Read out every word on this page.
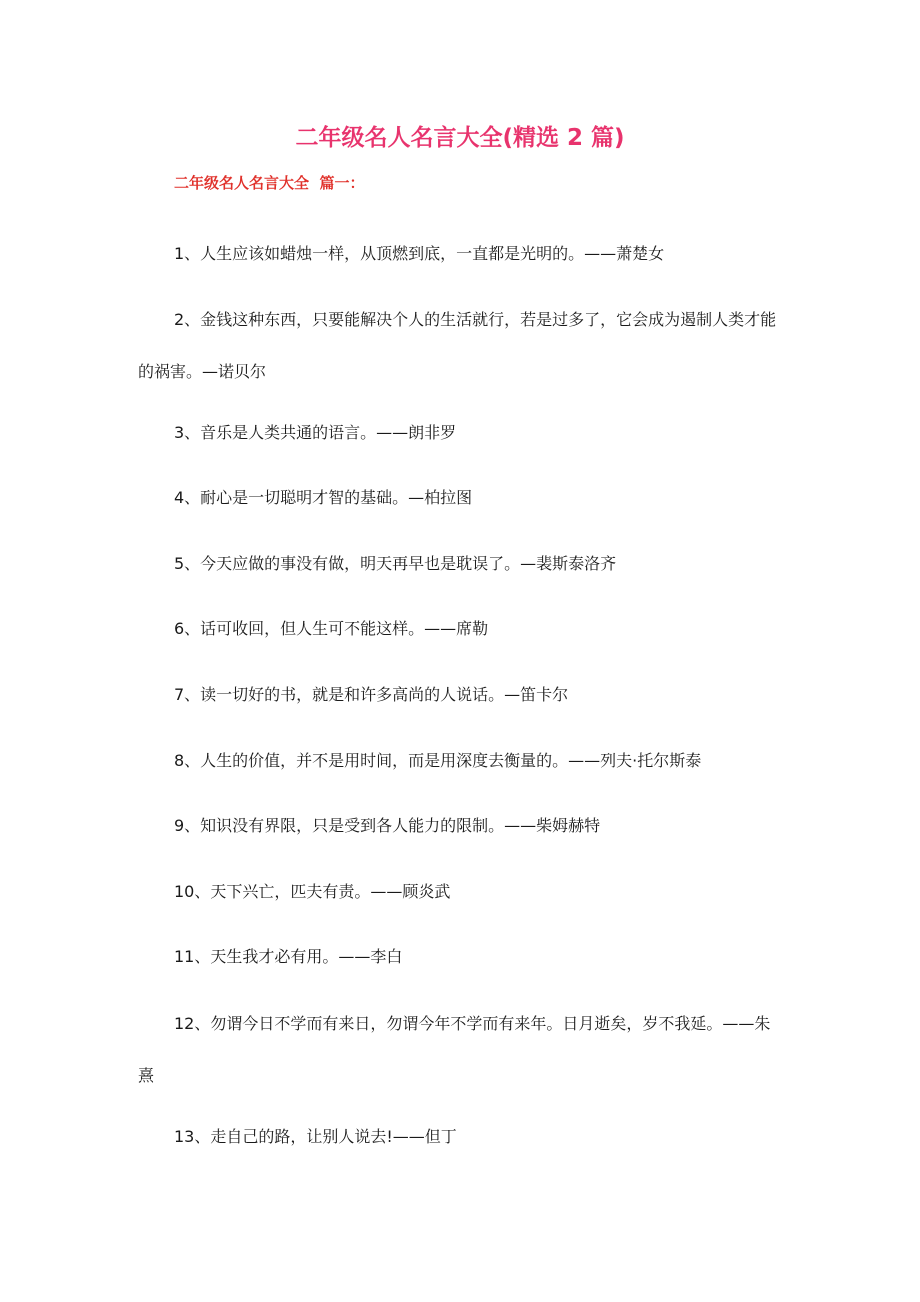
二年级名人名言大全(精选 2 篇)
二年级名人名言大全  篇一：

1、人生应该如蜡烛一样，从顶燃到底，一直都是光明的。——萧楚女

2、金钱这种东西，只要能解决个人的生活就行，若是过多了，它会成为遏制人类才能的祸害。—诺贝尔

3、音乐是人类共通的语言。——朗非罗

4、耐心是一切聪明才智的基础。—柏拉图

5、今天应做的事没有做，明天再早也是耽误了。—裴斯泰洛齐

6、话可收回，但人生可不能这样。——席勒

7、读一切好的书，就是和许多高尚的人说话。—笛卡尔

8、人生的价值，并不是用时间，而是用深度去衡量的。——列夫·托尔斯泰

9、知识没有界限，只是受到各人能力的限制。——柴姆赫特

10、天下兴亡，匹夫有责。——顾炎武

11、天生我才必有用。——李白

12、勿谓今日不学而有来日，勿谓今年不学而有来年。日月逝矣，岁不我延。——朱熹

13、走自己的路，让别人说去!——但丁
